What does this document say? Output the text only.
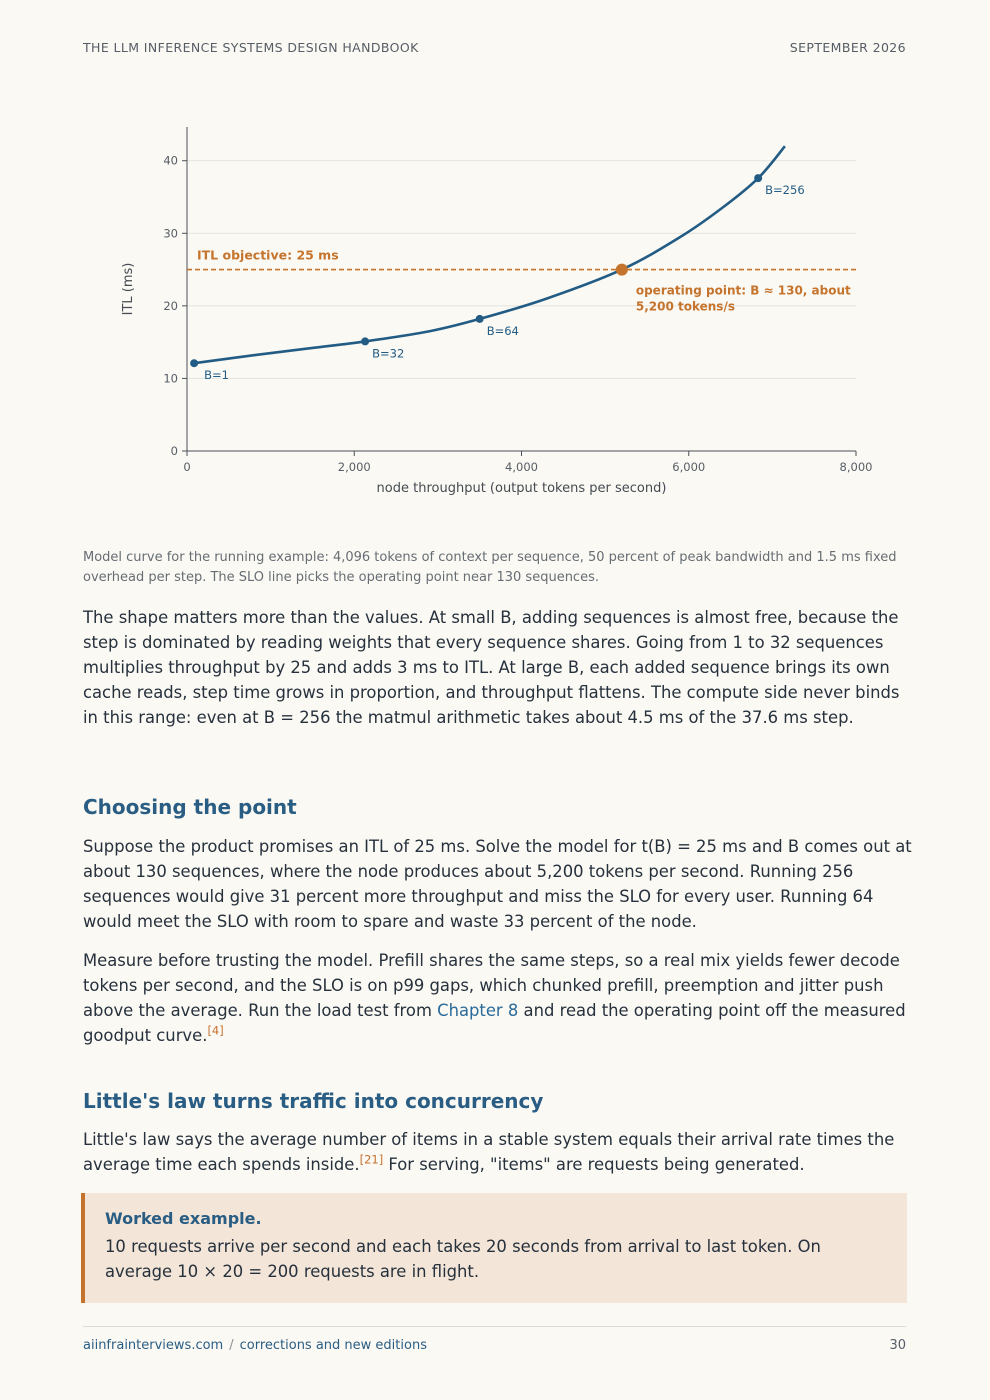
THE LLM INFERENCE SYSTEMS DESIGN HANDBOOK	SEPTEMBER 2026
0
10
20
30
40
0	2,000	4,000	6,000	8,000
node throughput (output tokens per second)
ITL (ms)
ITL objective: 25 ms
B=1
B=32
B=64
B=256
operating point: B ≈ 130, about
5,200 tokens/s
Model curve for the running example: 4,096 tokens of context per sequence, 50 percent of peak bandwidth and 1.5 ms fixed overhead per step. The SLO line picks the operating point near 130 sequences.

The shape matters more than the values. At small B, adding sequences is almost free, because the step is dominated by reading weights that every sequence shares. Going from 1 to 32 sequences multiplies throughput by 25 and adds 3 ms to ITL. At large B, each added sequence brings its own cache reads, step time grows in proportion, and throughput flattens. The compute side never binds in this range: even at B = 256 the matmul arithmetic takes about 4.5 ms of the 37.6 ms step.

Choosing the point

Suppose the product promises an ITL of 25 ms. Solve the model for t(B) = 25 ms and B comes out at about 130 sequences, where the node produces about 5,200 tokens per second. Running 256 sequences would give 31 percent more throughput and miss the SLO for every user. Running 64 would meet the SLO with room to spare and waste 33 percent of the node.

Measure before trusting the model. Prefill shares the same steps, so a real mix yields fewer decode tokens per second, and the SLO is on p99 gaps, which chunked prefill, preemption and jitter push above the average. Run the load test from Chapter 8 and read the operating point off the measured goodput curve.[4]

Little's law turns traffic into concurrency

Little's law says the average number of items in a stable system equals their arrival rate times the average time each spends inside.[21] For serving, "items" are requests being generated.

Worked example.
10 requests arrive per second and each takes 20 seconds from arrival to last token. On average 10 × 20 = 200 requests are in flight.
aiinfrainterviews.com / corrections and new editions	30
